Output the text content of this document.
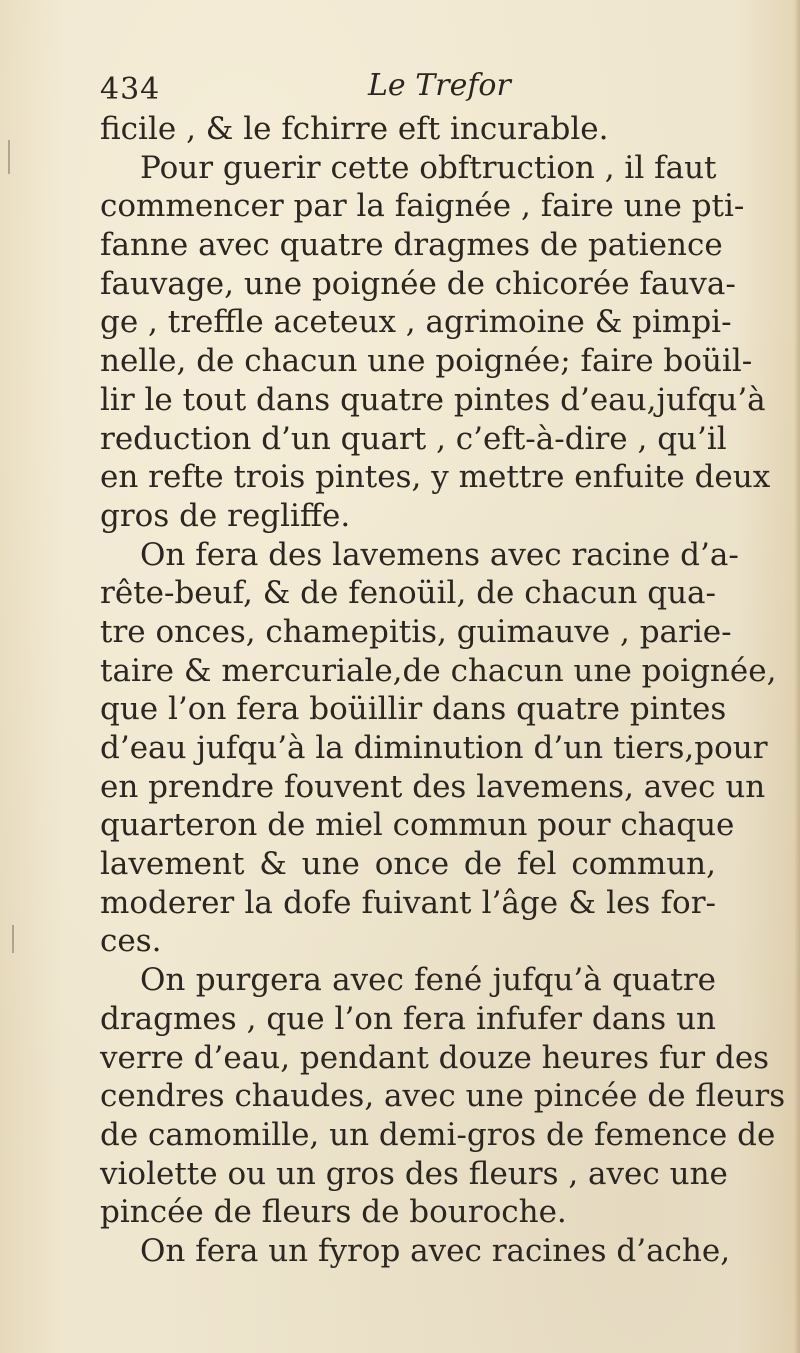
434	Le Trefor
ficile , & le fchirre eft incurable.
Pour guerir cette obftruction , il faut
commencer par la faignée , faire une pti-
fanne avec quatre dragmes de patience
fauvage, une poignée de chicorée fauva-
ge , treffle aceteux , agrimoine & pimpi-
nelle, de chacun une poignée; faire boüil-
lir le tout dans quatre pintes d’eau,jufqu’à
reduction d’un quart , c’eft-à-dire , qu’il
en refte trois pintes, y mettre enfuite deux
gros de regliffe.
On fera des lavemens avec racine d’a-
rête-beuf, & de fenoüil, de chacun qua-
tre onces, chamepitis, guimauve , parie-
taire & mercuriale,de chacun une poignée,
que l’on fera boüillir dans quatre pintes
d’eau jufqu’à la diminution d’un tiers,pour
en prendre fouvent des lavemens, avec un
quarteron de miel commun pour chaque
lavement & une once de fel commun,
moderer la dofe fuivant l’âge & les for-
ces.
On purgera avec fené jufqu’à quatre
dragmes , que l’on fera infufer dans un
verre d’eau, pendant douze heures fur des
cendres chaudes, avec une pincée de fleurs
de camomille, un demi-gros de femence de
violette ou un gros des fleurs , avec une
pincée de fleurs de bouroche.
On fera un fyrop avec racines d’ache,
